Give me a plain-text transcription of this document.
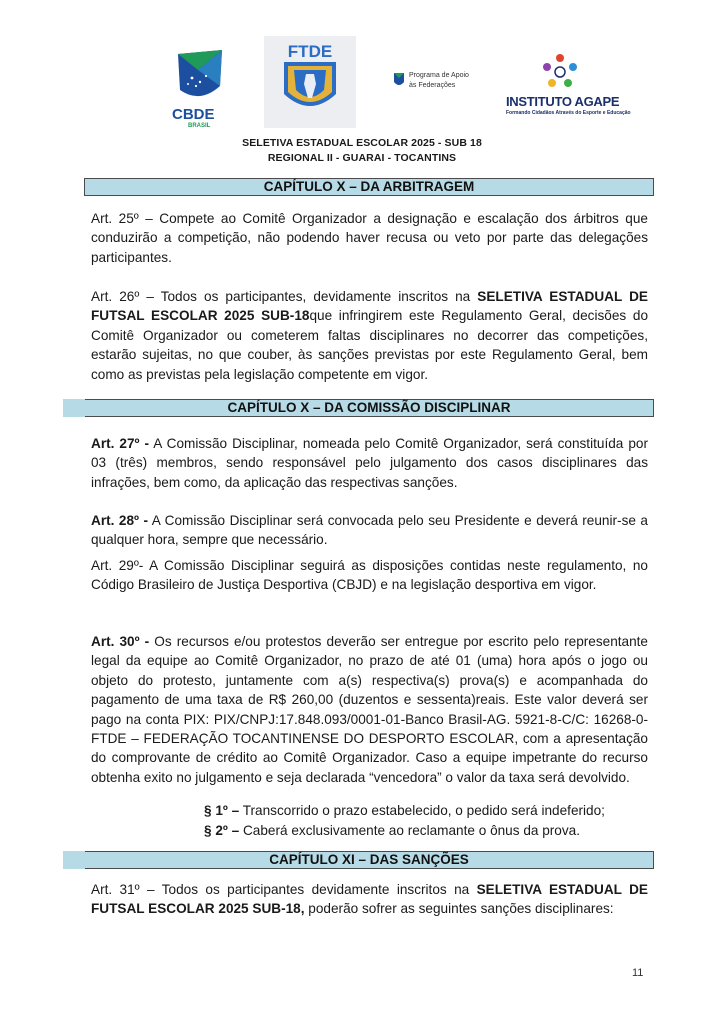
CBDE
BRASIL
FTDE
Programa de Apoio
às Federações
INSTITUTO AGAPE
Formando Cidadãos Através do Esporte e Educação
SELETIVA ESTADUAL ESCOLAR 2025 - SUB 18
REGIONAL II - GUARAI - TOCANTINS
CAPÍTULO X – DA ARBITRAGEM

Art. 25º – Compete ao Comitê Organizador a designação e escalação dos árbitros que conduzirão a competição, não podendo haver recusa ou veto por parte das delegações participantes.

Art. 26º – Todos os participantes, devidamente inscritos na SELETIVA ESTADUAL DE FUTSAL ESCOLAR 2025 SUB-18que infringirem este Regulamento Geral, decisões do Comitê Organizador ou cometerem faltas disciplinares no decorrer das competições, estarão sujeitas, no que couber, às sanções previstas por este Regulamento Geral, bem como as previstas pela legislação competente em vigor.

CAPÍTULO X – DA COMISSÃO DISCIPLINAR

Art. 27º - A Comissão Disciplinar, nomeada pelo Comitê Organizador, será constituída por 03 (três) membros, sendo responsável pelo julgamento dos casos disciplinares das infrações, bem como, da aplicação das respectivas sanções.

Art. 28º - A Comissão Disciplinar será convocada pelo seu Presidente e deverá reunir-se a qualquer hora, sempre que necessário.

Art. 29º- A Comissão Disciplinar seguirá as disposições contidas neste regulamento, no Código Brasileiro de Justiça Desportiva (CBJD) e na legislação desportiva em vigor.

Art. 30º - Os recursos e/ou protestos deverão ser entregue por escrito pelo representante legal da equipe ao Comitê Organizador, no prazo de até 01 (uma) hora após o jogo ou objeto do protesto, juntamente com a(s) respectiva(s) prova(s) e acompanhada do pagamento de uma taxa de R$ 260,00 (duzentos e sessenta)reais. Este valor deverá ser pago na conta PIX: PIX/CNPJ:17.848.093/0001-01-Banco Brasil-AG. 5921-8-C/C: 16268-0-FTDE – FEDERAÇÃO TOCANTINENSE DO DESPORTO ESCOLAR, com a apresentação do comprovante de crédito ao Comitê Organizador. Caso a equipe impetrante do recurso obtenha exito no julgamento e seja declarada “vencedora” o valor da taxa será devolvido.

§ 1º – Transcorrido o prazo estabelecido, o pedido será indeferido;
§ 2º – Caberá exclusivamente ao reclamante o ônus da prova.
CAPÍTULO XI – DAS SANÇÕES

Art. 31º – Todos os participantes devidamente inscritos na SELETIVA ESTADUAL DE FUTSAL ESCOLAR 2025 SUB-18, poderão sofrer as seguintes sanções disciplinares:

11
